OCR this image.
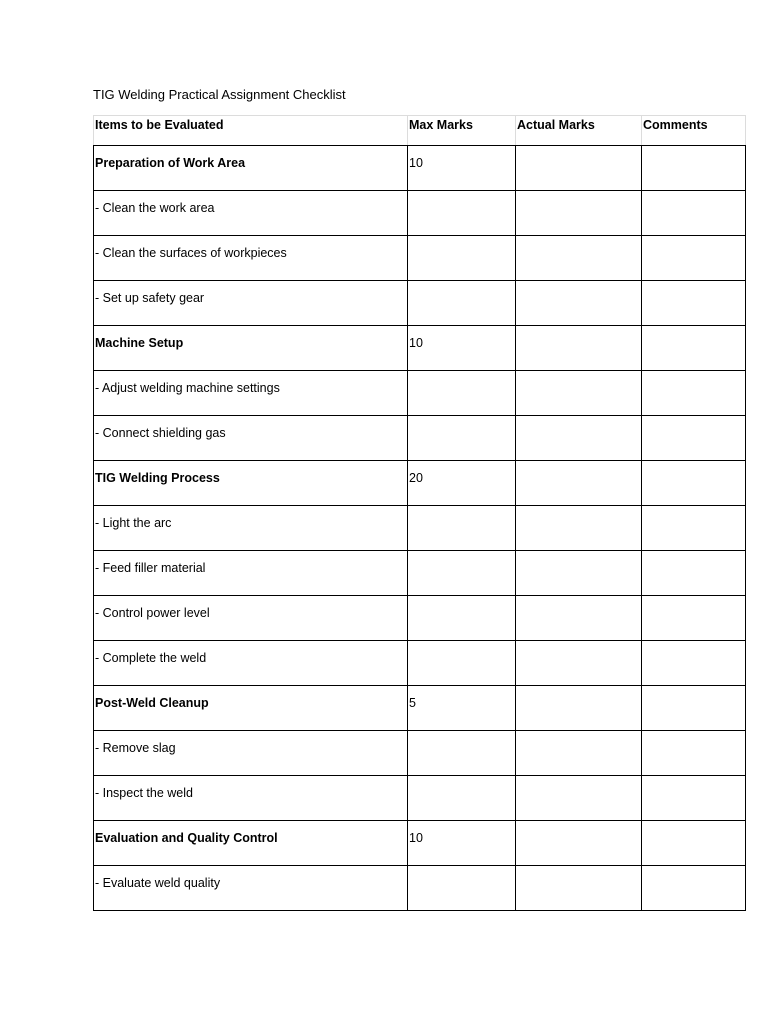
TIG Welding Practical Assignment Checklist
Items to be Evaluated	Max Marks	Actual Marks	Comments
Preparation of Work Area	10		
- Clean the work area			
- Clean the surfaces of workpieces			
- Set up safety gear			
Machine Setup	10		
- Adjust welding machine settings			
- Connect shielding gas			
TIG Welding Process	20		
- Light the arc			
- Feed filler material			
- Control power level			
- Complete the weld			
Post-Weld Cleanup	5		
- Remove slag			
- Inspect the weld			
Evaluation and Quality Control	10		
- Evaluate weld quality			
